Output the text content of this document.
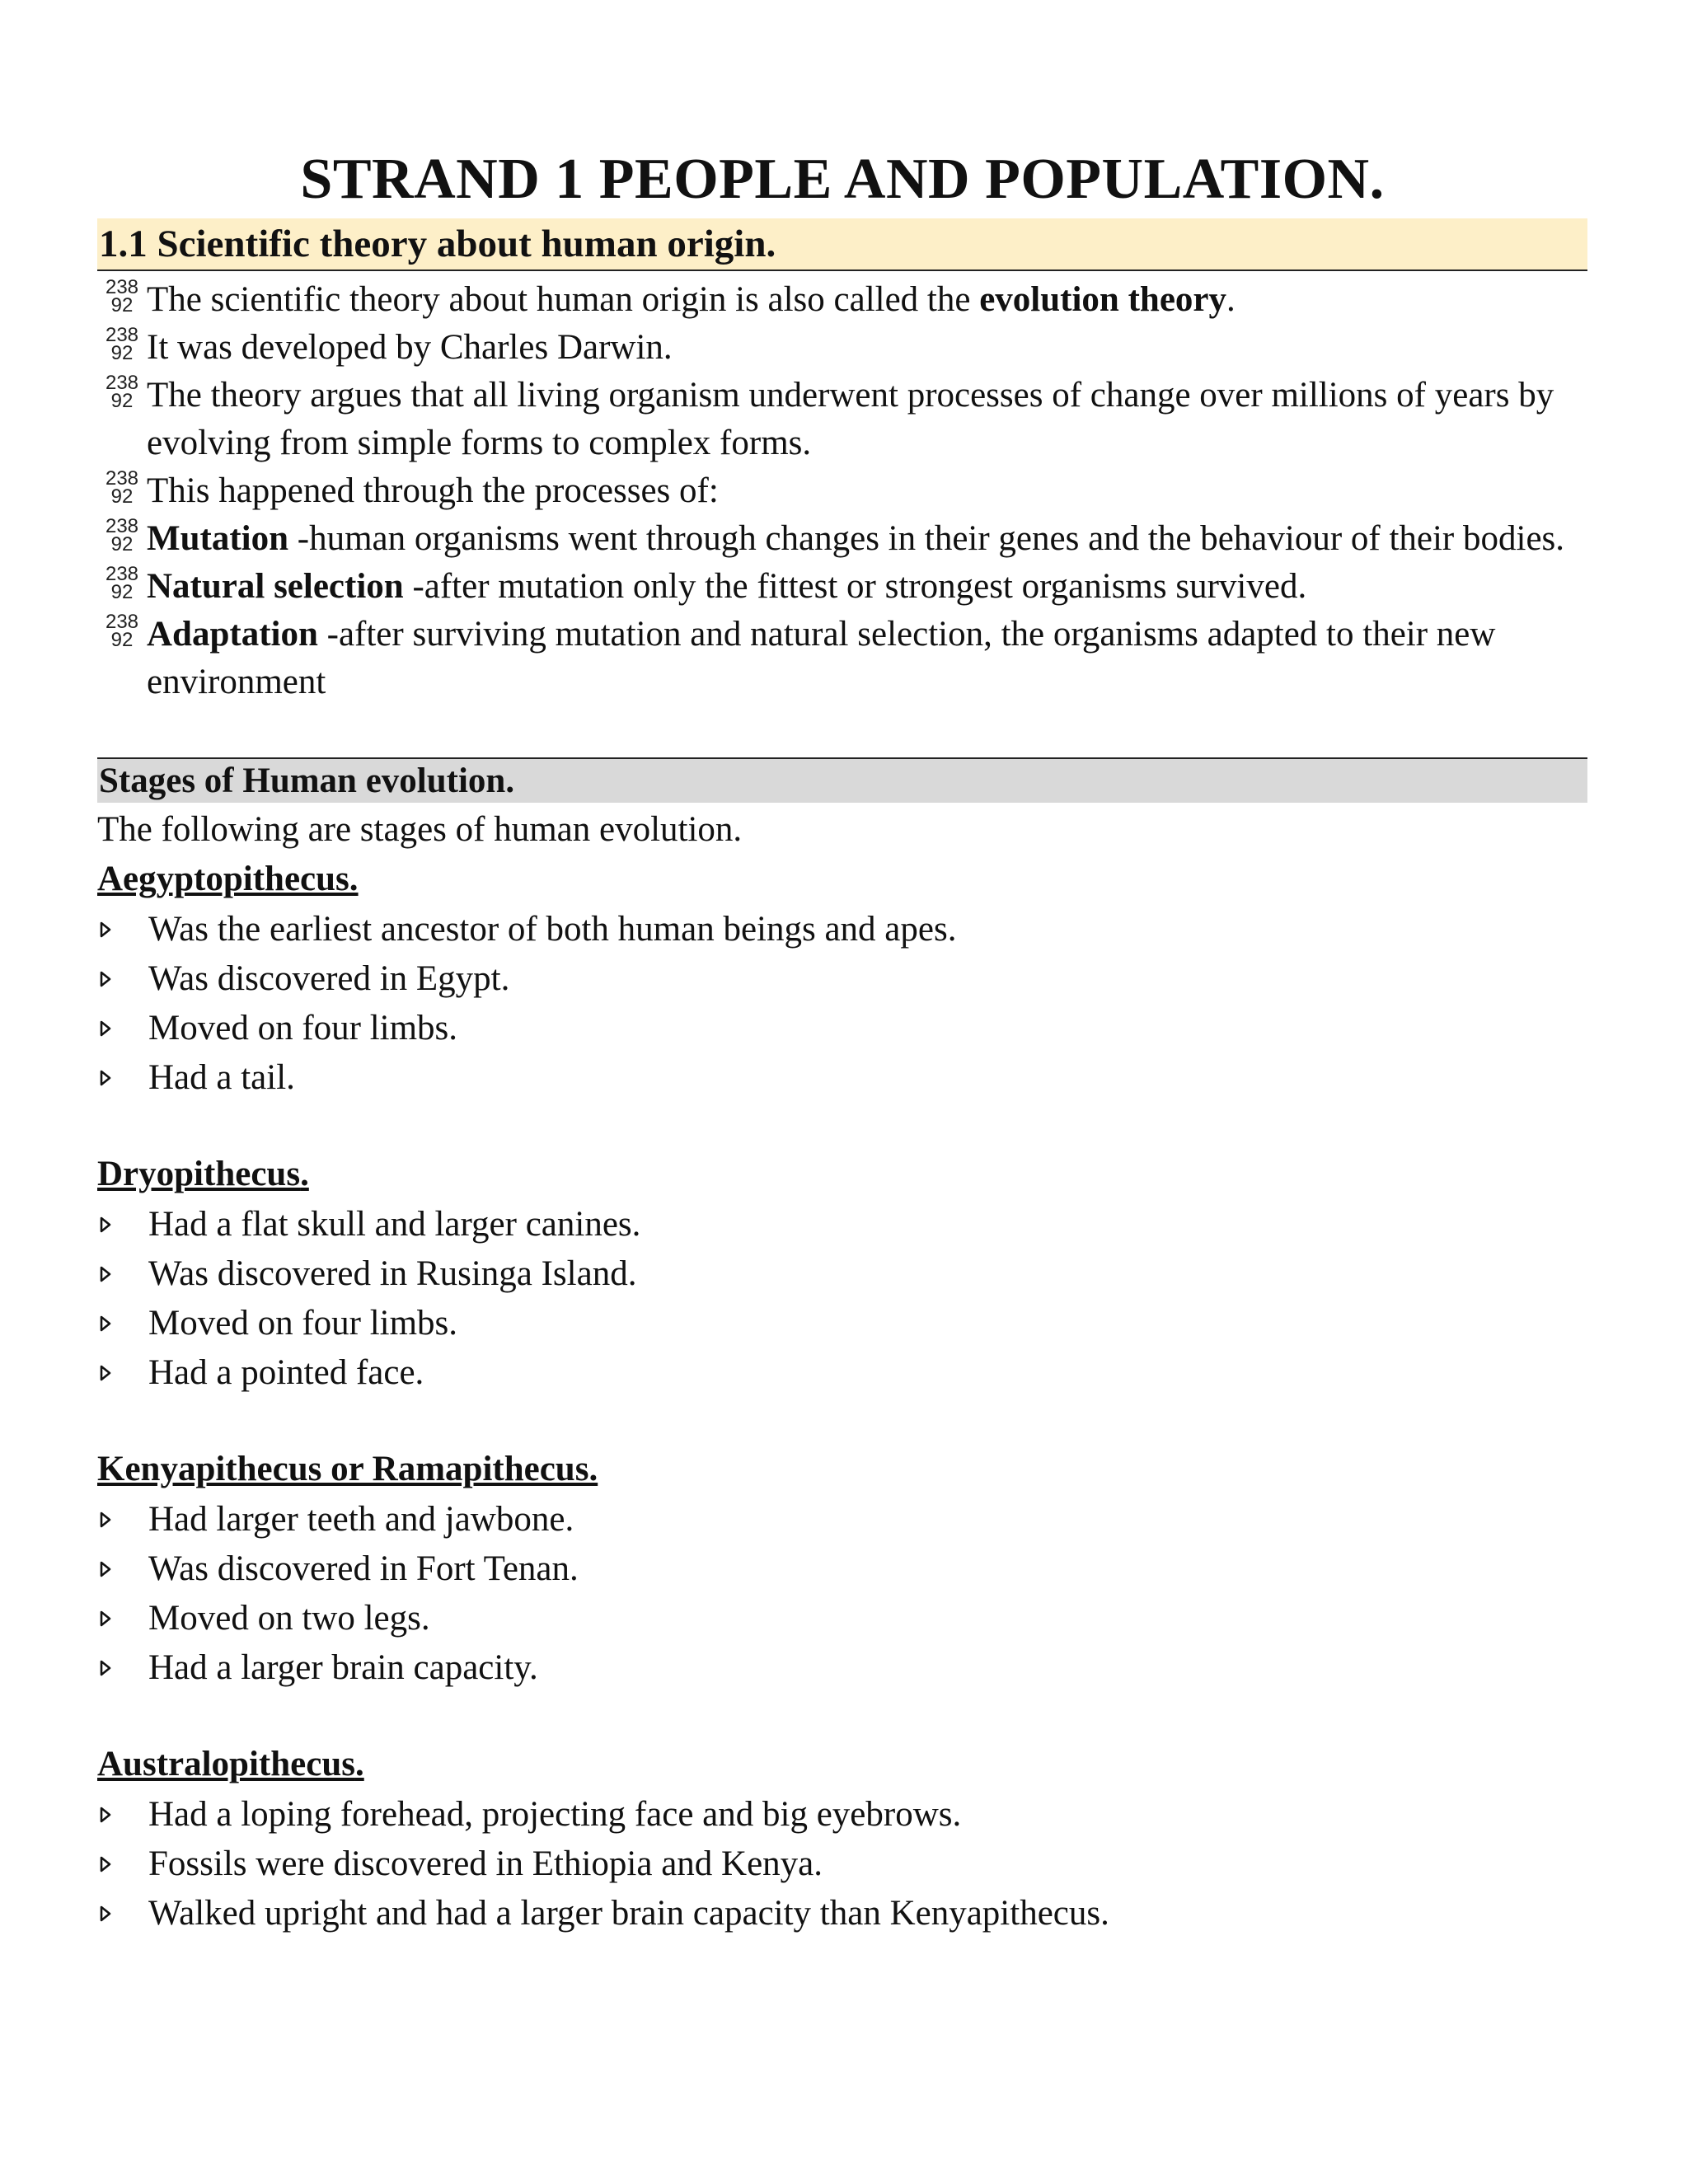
STRAND 1 PEOPLE AND POPULATION.
1.1 Scientific theory about human origin.
238
92 The scientific theory about human origin is also called the evolution theory.
238
92 It was developed by Charles Darwin.
238
92 The theory argues that all living organism underwent processes of change over millions of years by evolving from simple forms to complex forms.
238
92 This happened through the processes of:
238
92 Mutation -human organisms went through changes in their genes and the behaviour of their bodies.
238
92 Natural selection -after mutation only the fittest or strongest organisms survived.
238
92 Adaptation -after surviving mutation and natural selection, the organisms adapted to their new environment
Stages of Human evolution.

The following are stages of human evolution.

Aegyptopithecus.

Was the earliest ancestor of both human beings and apes.
Was discovered in Egypt.
Moved on four limbs.
Had a tail.

Dryopithecus.

Had a flat skull and larger canines.
Was discovered in Rusinga Island.
Moved on four limbs.
Had a pointed face.

Kenyapithecus or Ramapithecus.

Had larger teeth and jawbone.
Was discovered in Fort Tenan.
Moved on two legs.
Had a larger brain capacity.

Australopithecus.

Had a loping forehead, projecting face and big eyebrows.
Fossils were discovered in Ethiopia and Kenya.
Walked upright and had a larger brain capacity than Kenyapithecus.
